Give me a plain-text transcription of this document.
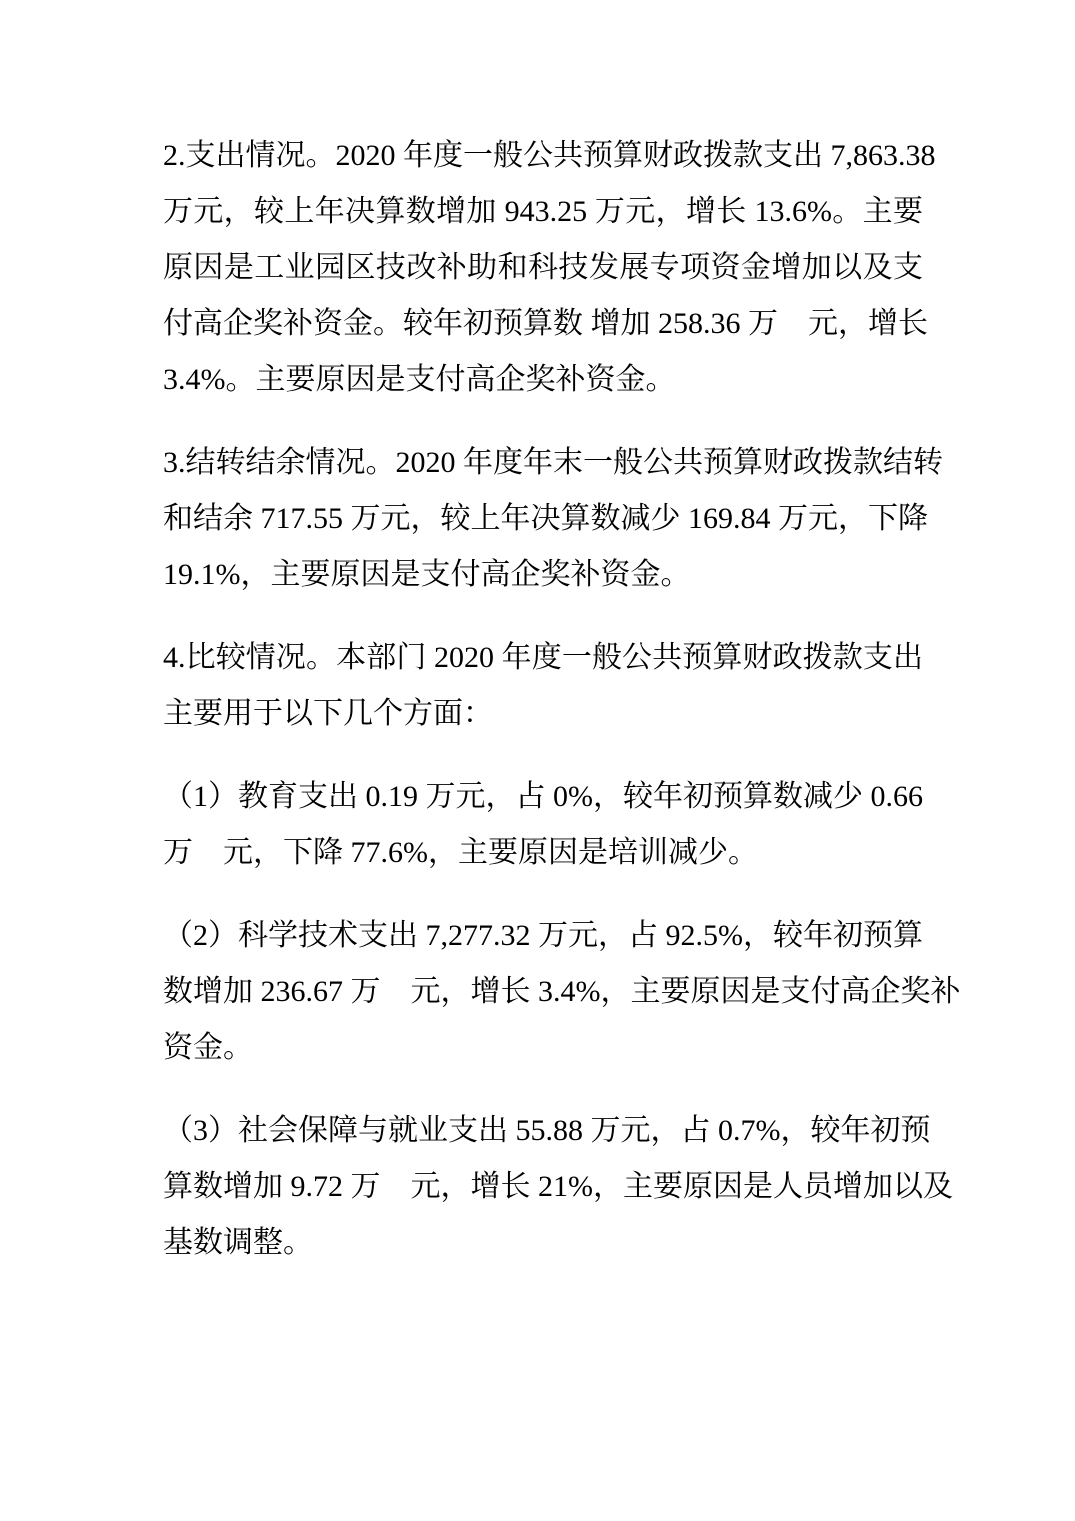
2.支出情况。2020 年度一般公共预算财政拨款支出 7,863.38
万元，较上年决算数增加 943.25 万元，增长 13.6%。主要
原因是工业园区技改补助和科技发展专项资金增加以及支
付高企奖补资金。较年初预算数 增加 258.36 万　元，增长
3.4%。主要原因是支付高企奖补资金。
3.结转结余情况。2020 年度年末一般公共预算财政拨款结转
和结余 717.55 万元，较上年决算数减少 169.84 万元，下降
19.1%，主要原因是支付高企奖补资金。
4.比较情况。本部门 2020 年度一般公共预算财政拨款支出
主要用于以下几个方面：
（1）教育支出 0.19 万元，占 0%，较年初预算数减少 0.66
万　元，下降 77.6%，主要原因是培训减少。
（2）科学技术支出 7,277.32 万元，占 92.5%，较年初预算
数增加 236.67 万　元，增长 3.4%，主要原因是支付高企奖补
资金。
（3）社会保障与就业支出 55.88 万元，占 0.7%，较年初预
算数增加 9.72 万　元，增长 21%，主要原因是人员增加以及
基数调整。
